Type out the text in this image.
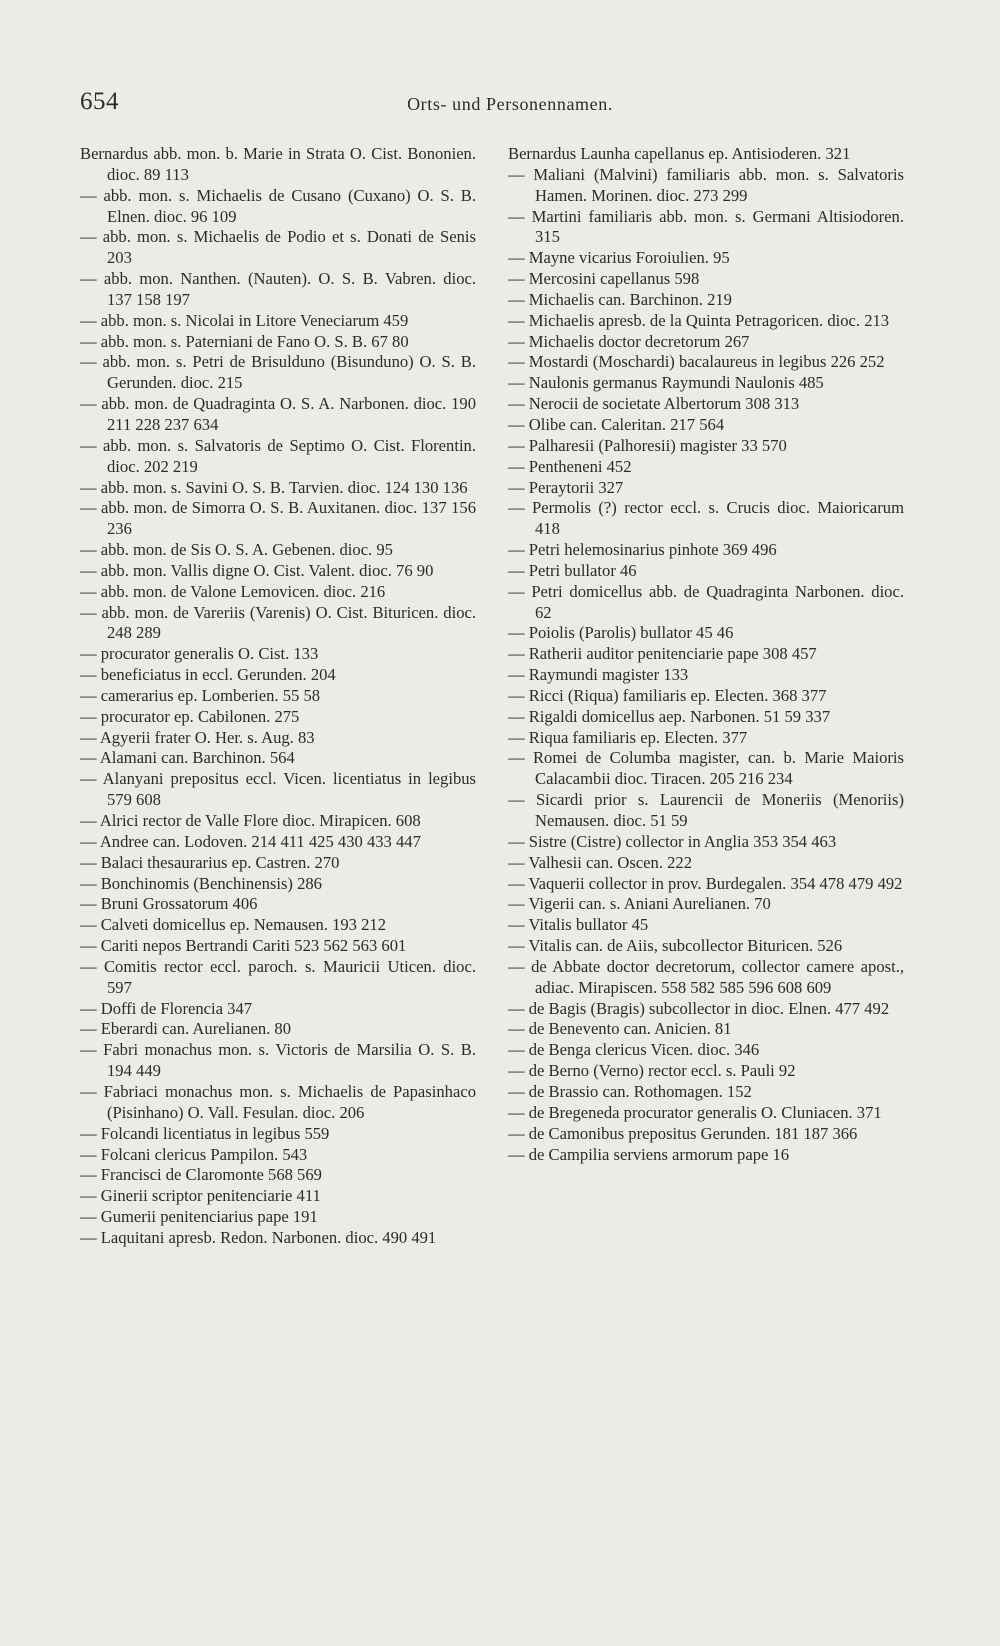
654	Orts- und Personennamen.

Bernardus abb. mon. b. Marie in Strata O. Cist. Bononien. dioc. 89 113

— abb. mon. s. Michaelis de Cusano (Cuxano) O. S. B. Elnen. dioc. 96 109

— abb. mon. s. Michaelis de Podio et s. Donati de Senis 203

— abb. mon. Nanthen. (Nauten). O. S. B. Vabren. dioc. 137 158 197

— abb. mon. s. Nicolai in Litore Veneciarum 459

— abb. mon. s. Paterniani de Fano O. S. B. 67 80

— abb. mon. s. Petri de Brisulduno (Bisunduno) O. S. B. Gerunden. dioc. 215

— abb. mon. de Quadraginta O. S. A. Narbonen. dioc. 190 211 228 237 634

— abb. mon. s. Salvatoris de Septimo O. Cist. Florentin. dioc. 202 219

— abb. mon. s. Savini O. S. B. Tarvien. dioc. 124 130 136

— abb. mon. de Simorra O. S. B. Auxitanen. dioc. 137 156 236

— abb. mon. de Sis O. S. A. Gebenen. dioc. 95

— abb. mon. Vallis digne O. Cist. Valent. dioc. 76 90

— abb. mon. de Valone Lemovicen. dioc. 216

— abb. mon. de Vareriis (Varenis) O. Cist. Bituricen. dioc. 248 289

— procurator generalis O. Cist. 133

— beneficiatus in eccl. Gerunden. 204

— camerarius ep. Lomberien. 55 58

— procurator ep. Cabilonen. 275

— Agyerii frater O. Her. s. Aug. 83

— Alamani can. Barchinon. 564

— Alanyani prepositus eccl. Vicen. licentiatus in legibus 579 608

— Alrici rector de Valle Flore dioc. Mirapicen. 608

— Andree can. Lodoven. 214 411 425 430 433 447

— Balaci thesaurarius ep. Castren. 270

— Bonchinomis (Benchinensis) 286

— Bruni Grossatorum 406

— Calveti domicellus ep. Nemausen. 193 212

— Cariti nepos Bertrandi Cariti 523 562 563 601

— Comitis rector eccl. paroch. s. Mauricii Uticen. dioc. 597

— Doffi de Florencia 347

— Eberardi can. Aurelianen. 80

— Fabri monachus mon. s. Victoris de Marsilia O. S. B. 194 449

— Fabriaci monachus mon. s. Michaelis de Papasinhaco (Pisinhano) O. Vall. Fesulan. dioc. 206

— Folcandi licentiatus in legibus 559

— Folcani clericus Pampilon. 543

— Francisci de Claromonte 568 569

— Ginerii scriptor penitenciarie 411

— Gumerii penitenciarius pape 191

— Laquitani apresb. Redon. Narbonen. dioc. 490 491

Bernardus Launha capellanus ep. Antisioderen. 321

— Maliani (Malvini) familiaris abb. mon. s. Salvatoris Hamen. Morinen. dioc. 273 299

— Martini familiaris abb. mon. s. Germani Altisiodoren. 315

— Mayne vicarius Foroiulien. 95

— Mercosini capellanus 598

— Michaelis can. Barchinon. 219

— Michaelis apresb. de la Quinta Petragoricen. dioc. 213

— Michaelis doctor decretorum 267

— Mostardi (Moschardi) bacalaureus in legibus 226 252

— Naulonis germanus Raymundi Naulonis 485

— Nerocii de societate Albertorum 308 313

— Olibe can. Caleritan. 217 564

— Palharesii (Palhoresii) magister 33 570

— Pentheneni 452

— Peraytorii 327

— Permolis (?) rector eccl. s. Crucis dioc. Maioricarum 418

— Petri helemosinarius pinhote 369 496

— Petri bullator 46

— Petri domicellus abb. de Quadraginta Narbonen. dioc. 62

— Poiolis (Parolis) bullator 45 46

— Ratherii auditor penitenciarie pape 308 457

— Raymundi magister 133

— Ricci (Riqua) familiaris ep. Electen. 368 377

— Rigaldi domicellus aep. Narbonen. 51 59 337

— Riqua familiaris ep. Electen. 377

— Romei de Columba magister, can. b. Marie Maioris Calacambii dioc. Tiracen. 205 216 234

— Sicardi prior s. Laurencii de Moneriis (Menoriis) Nemausen. dioc. 51 59

— Sistre (Cistre) collector in Anglia 353 354 463

— Valhesii can. Oscen. 222

— Vaquerii collector in prov. Burdegalen. 354 478 479 492

— Vigerii can. s. Aniani Aurelianen. 70

— Vitalis bullator 45

— Vitalis can. de Aiis, subcollector Bituricen. 526

— de Abbate doctor decretorum, collector camere apost., adiac. Mirapiscen. 558 582 585 596 608 609

— de Bagis (Bragis) subcollector in dioc. Elnen. 477 492

— de Benevento can. Anicien. 81

— de Benga clericus Vicen. dioc. 346

— de Berno (Verno) rector eccl. s. Pauli 92

— de Brassio can. Rothomagen. 152

— de Bregeneda procurator generalis O. Cluniacen. 371

— de Camonibus prepositus Gerunden. 181 187 366

— de Campilia serviens armorum pape 16
